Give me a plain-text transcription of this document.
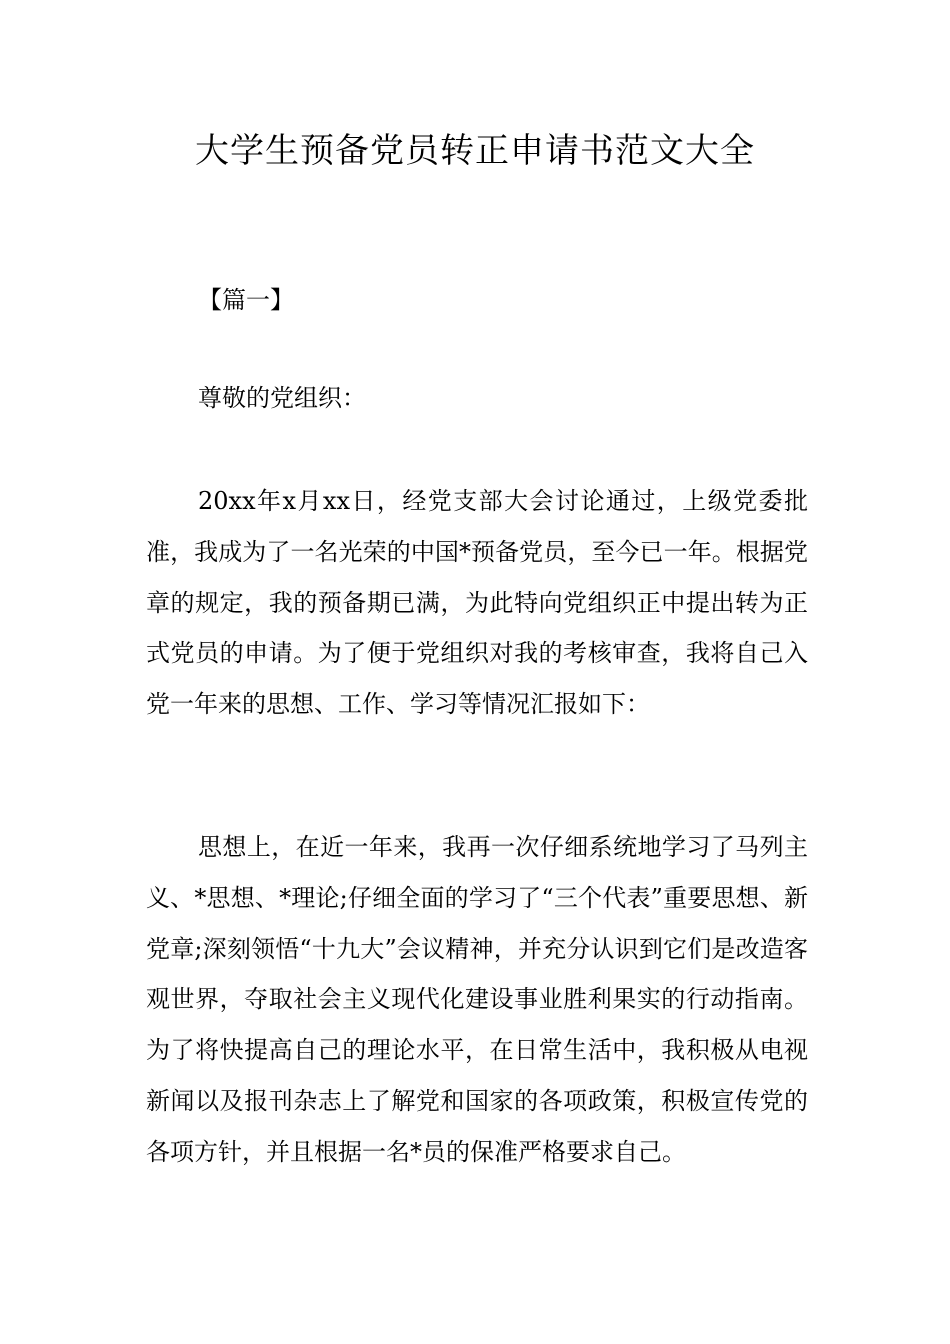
大学生预备党员转正申请书范文大全

【篇一】

尊敬的党组织：

20xx年x月xx日，经党支部大会讨论通过，上级党委批准，我成为了一名光荣的中国*预备党员，至今已一年。根据党章的规定，我的预备期已满，为此特向党组织正中提出转为正式党员的申请。为了便于党组织对我的考核审查，我将自己入党一年来的思想、工作、学习等情况汇报如下：

思想上，在近一年来，我再一次仔细系统地学习了马列主义、*思想、*理论;仔细全面的学习了“三个代表”重要思想、新党章;深刻领悟“十九大”会议精神，并充分认识到它们是改造客观世界，夺取社会主义现代化建设事业胜利果实的行动指南。为了将快提高自己的理论水平，在日常生活中，我积极从电视新闻以及报刊杂志上了解党和国家的各项政策，积极宣传党的各项方针，并且根据一名*员的保准严格要求自己。
